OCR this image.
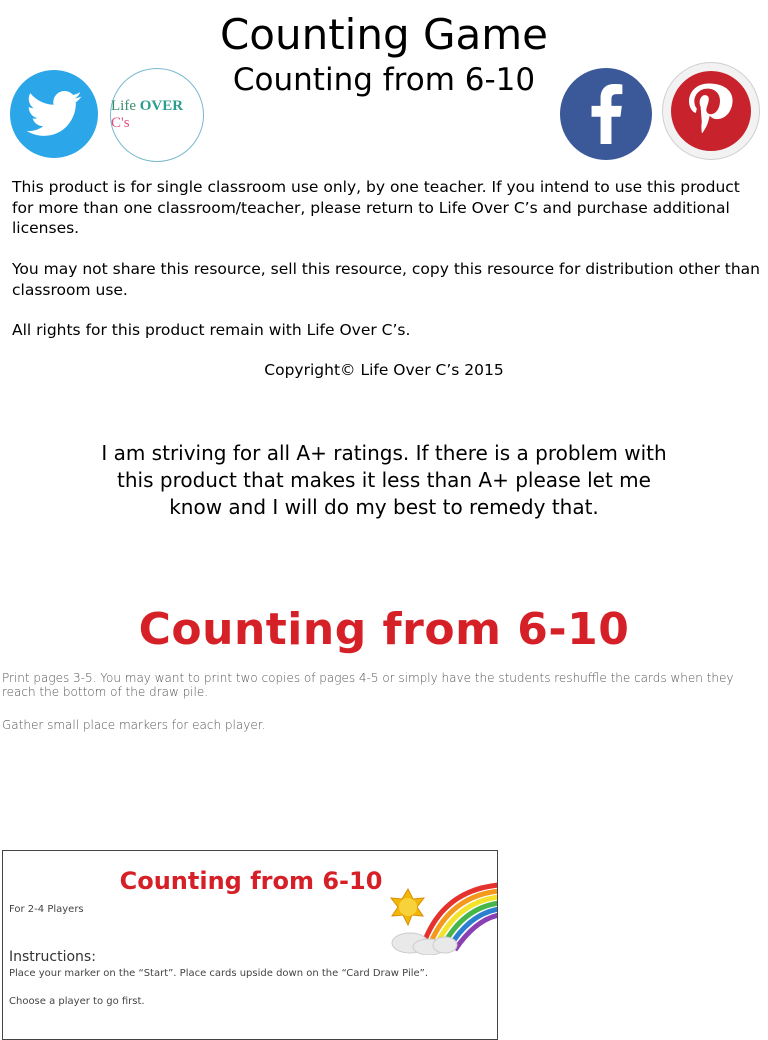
Counting Game
Counting from 6-10
Life OVER C's
This product is for single classroom use only, by one teacher. If you intend to use this product for more than one classroom/teacher, please return to Life Over C’s and purchase additional licenses.
You may not share this resource, sell this resource, copy this resource for distribution other than classroom use.
All rights for this product remain with Life Over C’s.
Copyright© Life Over C’s 2015
I am striving for all A+ ratings. If there is a problem with this product that makes it less than A+ please let me know and I will do my best to remedy that.
Counting from 6-10
Print pages 3-5. You may want to print two copies of pages 4-5 or simply have the students reshuffle the cards when they reach the bottom of the draw pile.
Gather small place markers for each player.
Counting from 6-10
For 2-4 Players
Instructions:
Place your marker on the “Start”. Place cards upside down on the “Card Draw Pile”.
Choose a player to go first.
